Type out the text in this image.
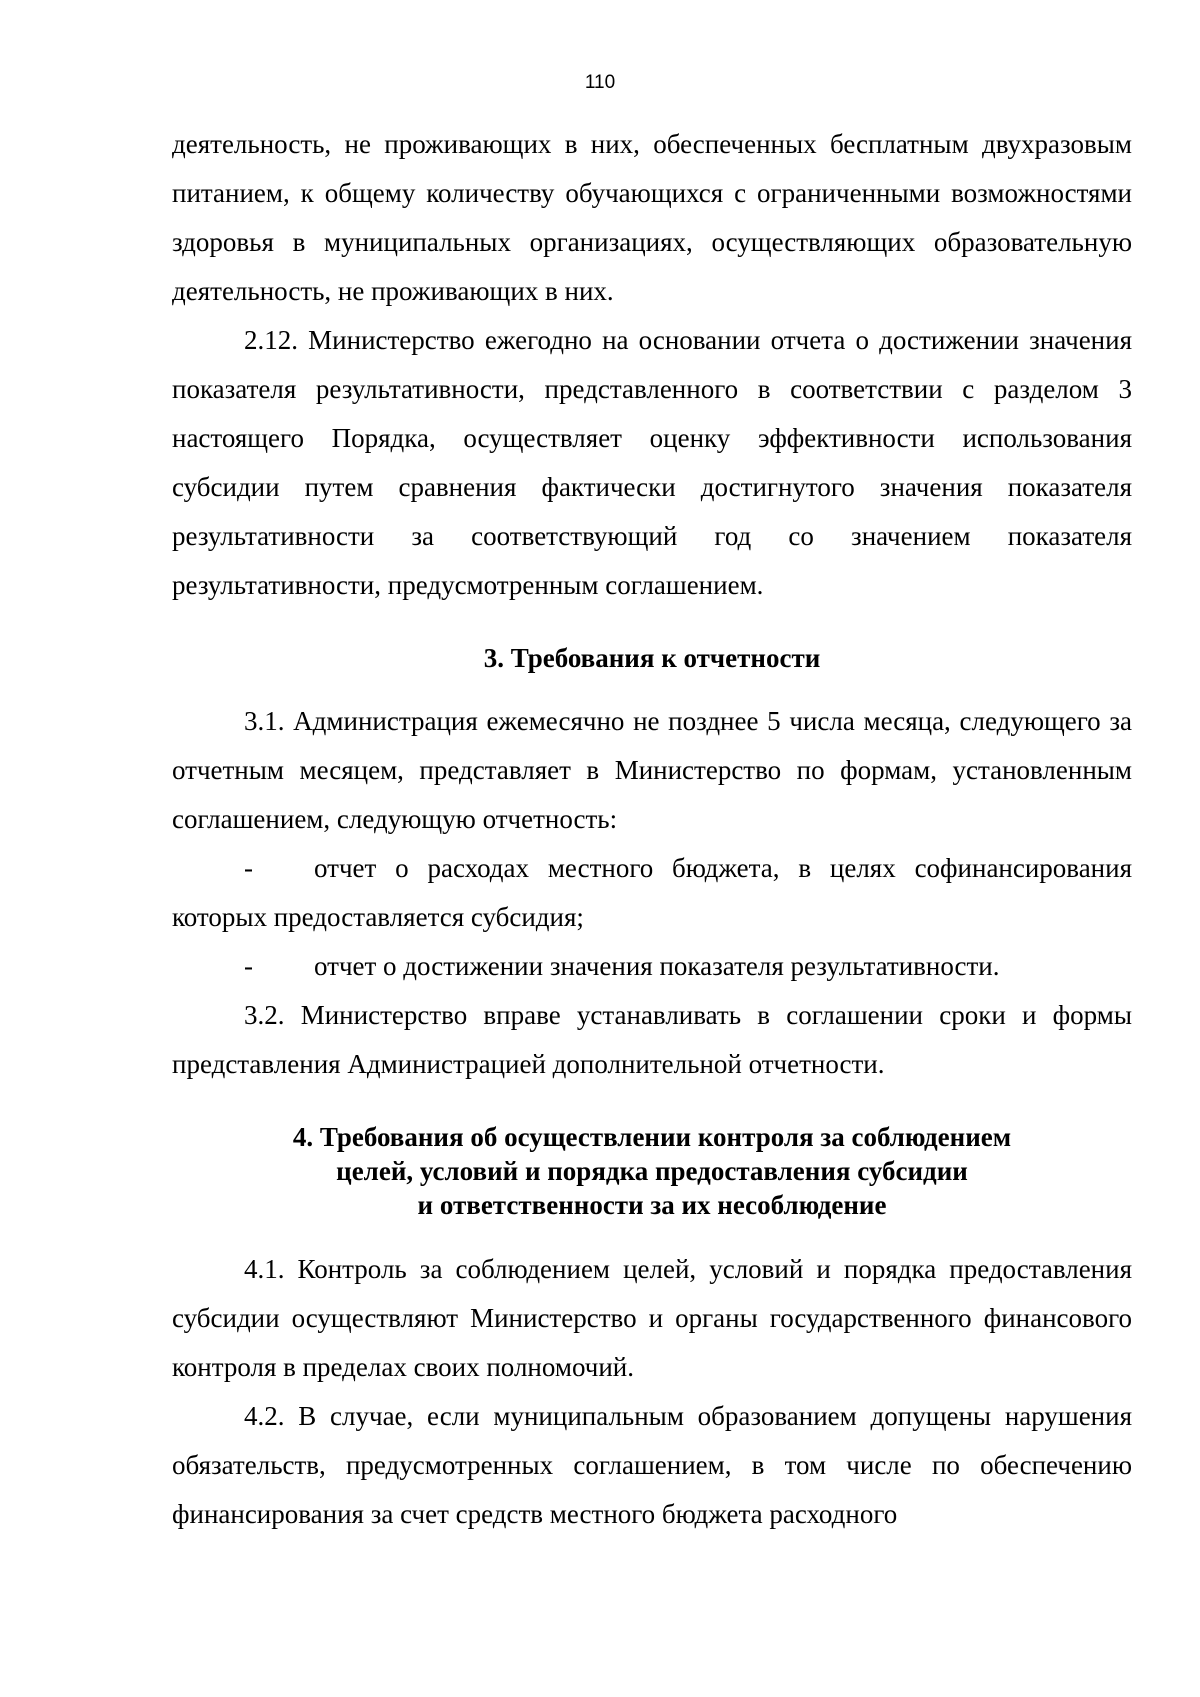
110

деятельность, не проживающих в них, обеспеченных бесплатным двухразовым питанием, к общему количеству обучающихся с ограниченными возможностями здоровья в муниципальных организациях, осуществляющих образовательную деятельность, не проживающих в них.

2.12. Министерство ежегодно на основании отчета о достижении значения показателя результативности, представленного в соответствии с разделом 3 настоящего Порядка, осуществляет оценку эффективности использования субсидии путем сравнения фактически достигнутого значения показателя результативности за соответствующий год со значением показателя результативности, предусмотренным соглашением.

3. Требования к отчетности

3.1. Администрация ежемесячно не позднее 5 числа месяца, следующего за отчетным месяцем, представляет в Министерство по формам, установленным соглашением, следующую отчетность:

- отчет о расходах местного бюджета, в целях софинансирования которых предоставляется субсидия;

- отчет о достижении значения показателя результативности.

3.2. Министерство вправе устанавливать в соглашении сроки и формы представления Администрацией дополнительной отчетности.

4. Требования об осуществлении контроля за соблюдением
целей, условий и порядка предоставления субсидии
и ответственности за их несоблюдение

4.1. Контроль за соблюдением целей, условий и порядка предоставления субсидии осуществляют Министерство и органы государственного финансового контроля в пределах своих полномочий.

4.2. В случае, если муниципальным образованием допущены нарушения обязательств, предусмотренных соглашением, в том числе по обеспечению финансирования за счет средств местного бюджета расходного
